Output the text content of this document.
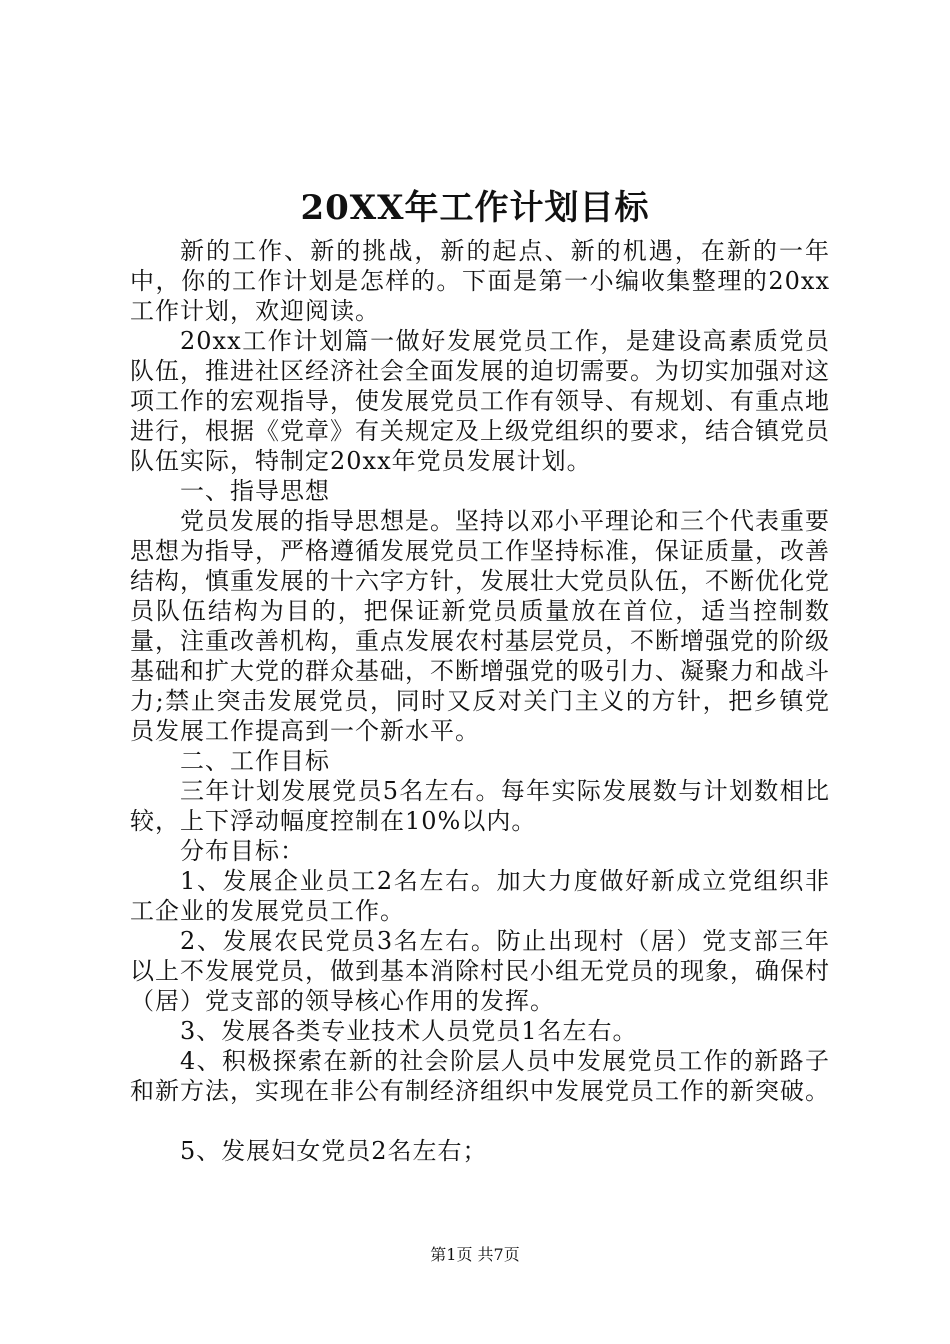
20XX年工作计划目标

新的工作、新的挑战，新的起点、新的机遇，在新的一年中，你的工作计划是怎样的。下面是第一小编收集整理的20xx工作计划，欢迎阅读。

20xx工作计划篇一做好发展党员工作，是建设高素质党员队伍，推进社区经济社会全面发展的迫切需要。为切实加强对这项工作的宏观指导，使发展党员工作有领导、有规划、有重点地进行，根据《党章》有关规定及上级党组织的要求，结合镇党员队伍实际，特制定20xx年党员发展计划。

一、指导思想

党员发展的指导思想是。坚持以邓小平理论和三个代表重要思想为指导，严格遵循发展党员工作坚持标准，保证质量，改善结构，慎重发展的十六字方针，发展壮大党员队伍，不断优化党员队伍结构为目的，把保证新党员质量放在首位，适当控制数量，注重改善机构，重点发展农村基层党员，不断增强党的阶级基础和扩大党的群众基础，不断增强党的吸引力、凝聚力和战斗力;禁止突击发展党员，同时又反对关门主义的方针，把乡镇党员发展工作提高到一个新水平。

二、工作目标

三年计划发展党员5名左右。每年实际发展数与计划数相比较，上下浮动幅度控制在10%以内。

分布目标：

1、发展企业员工2名左右。加大力度做好新成立党组织非工企业的发展党员工作。

2、发展农民党员3名左右。防止出现村（居）党支部三年以上不发展党员，做到基本消除村民小组无党员的现象，确保村（居）党支部的领导核心作用的发挥。

3、发展各类专业技术人员党员1名左右。

4、积极探索在新的社会阶层人员中发展党员工作的新路子和新方法，实现在非公有制经济组织中发展党员工作的新突破。

5、发展妇女党员2名左右；

第1页 共7页
